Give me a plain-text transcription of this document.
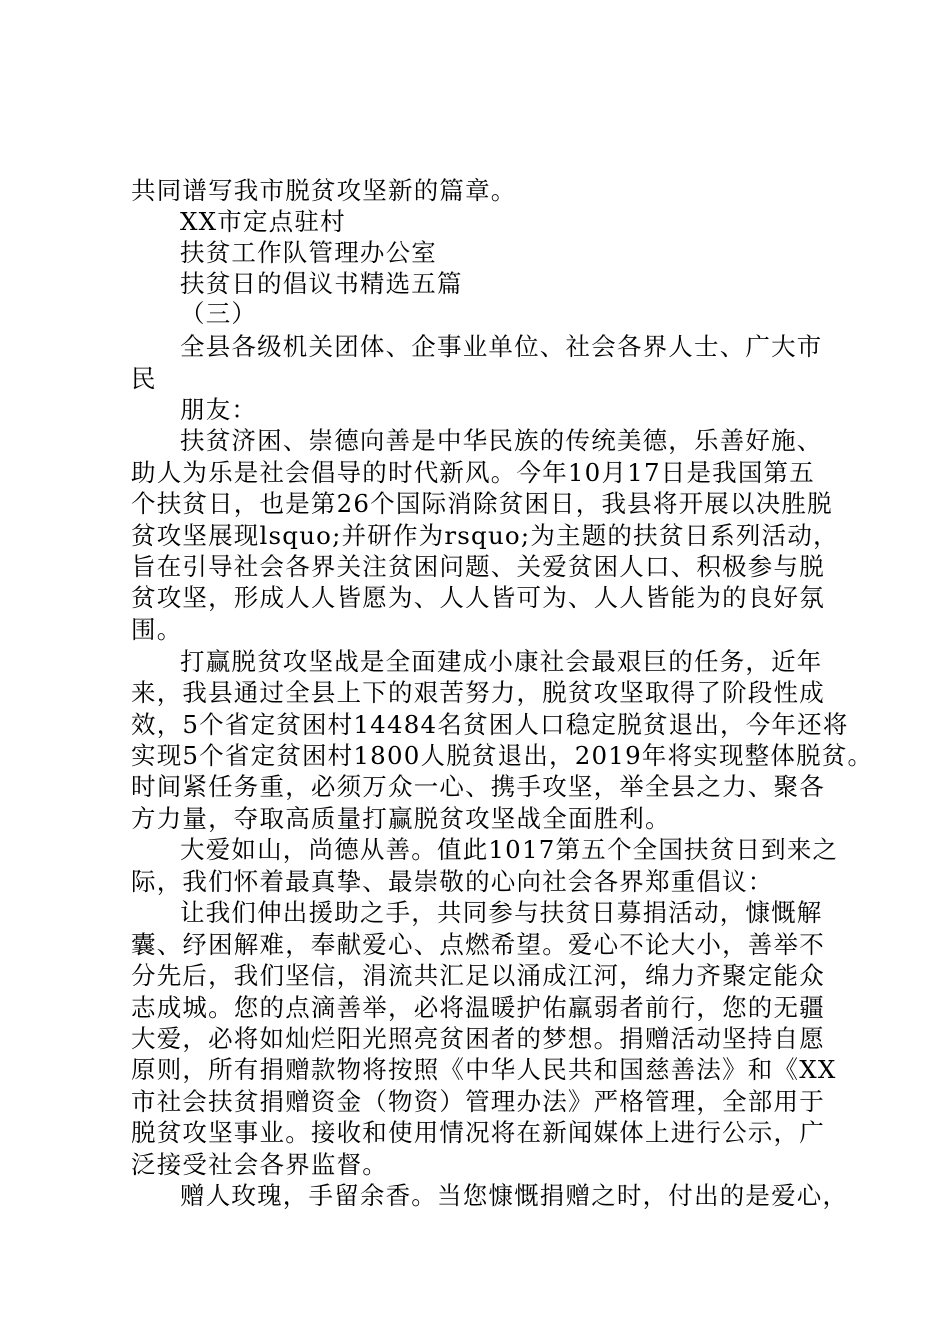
共同谱写我市脱贫攻坚新的篇章。
XX市定点驻村
扶贫工作队管理办公室
扶贫日的倡议书精选五篇
（三）
全县各级机关团体、企事业单位、社会各界人士、广大市
民
朋友：
扶贫济困、崇德向善是中华民族的传统美德，乐善好施、
助人为乐是社会倡导的时代新风。今年10月17日是我国第五
个扶贫日，也是第26个国际消除贫困日，我县将开展以决胜脱
贫攻坚展现lsquo;并研作为rsquo;为主题的扶贫日系列活动，
旨在引导社会各界关注贫困问题、关爱贫困人口、积极参与脱
贫攻坚，形成人人皆愿为、人人皆可为、人人皆能为的良好氛
围。
打赢脱贫攻坚战是全面建成小康社会最艰巨的任务，近年
来，我县通过全县上下的艰苦努力，脱贫攻坚取得了阶段性成
效，5个省定贫困村14484名贫困人口稳定脱贫退出，今年还将
实现5个省定贫困村1800人脱贫退出，2019年将实现整体脱贫。
时间紧任务重，必须万众一心、携手攻坚，举全县之力、聚各
方力量，夺取高质量打赢脱贫攻坚战全面胜利。
大爱如山，尚德从善。值此1017第五个全国扶贫日到来之
际，我们怀着最真挚、最崇敬的心向社会各界郑重倡议：
让我们伸出援助之手，共同参与扶贫日募捐活动，慷慨解
囊、纾困解难，奉献爱心、点燃希望。爱心不论大小，善举不
分先后，我们坚信，涓流共汇足以涌成江河，绵力齐聚定能众
志成城。您的点滴善举，必将温暖护佑羸弱者前行，您的无疆
大爱，必将如灿烂阳光照亮贫困者的梦想。捐赠活动坚持自愿
原则，所有捐赠款物将按照《中华人民共和国慈善法》和《XX
市社会扶贫捐赠资金（物资）管理办法》严格管理，全部用于
脱贫攻坚事业。接收和使用情况将在新闻媒体上进行公示，广
泛接受社会各界监督。
赠人玫瑰，手留余香。当您慷慨捐赠之时，付出的是爱心，
